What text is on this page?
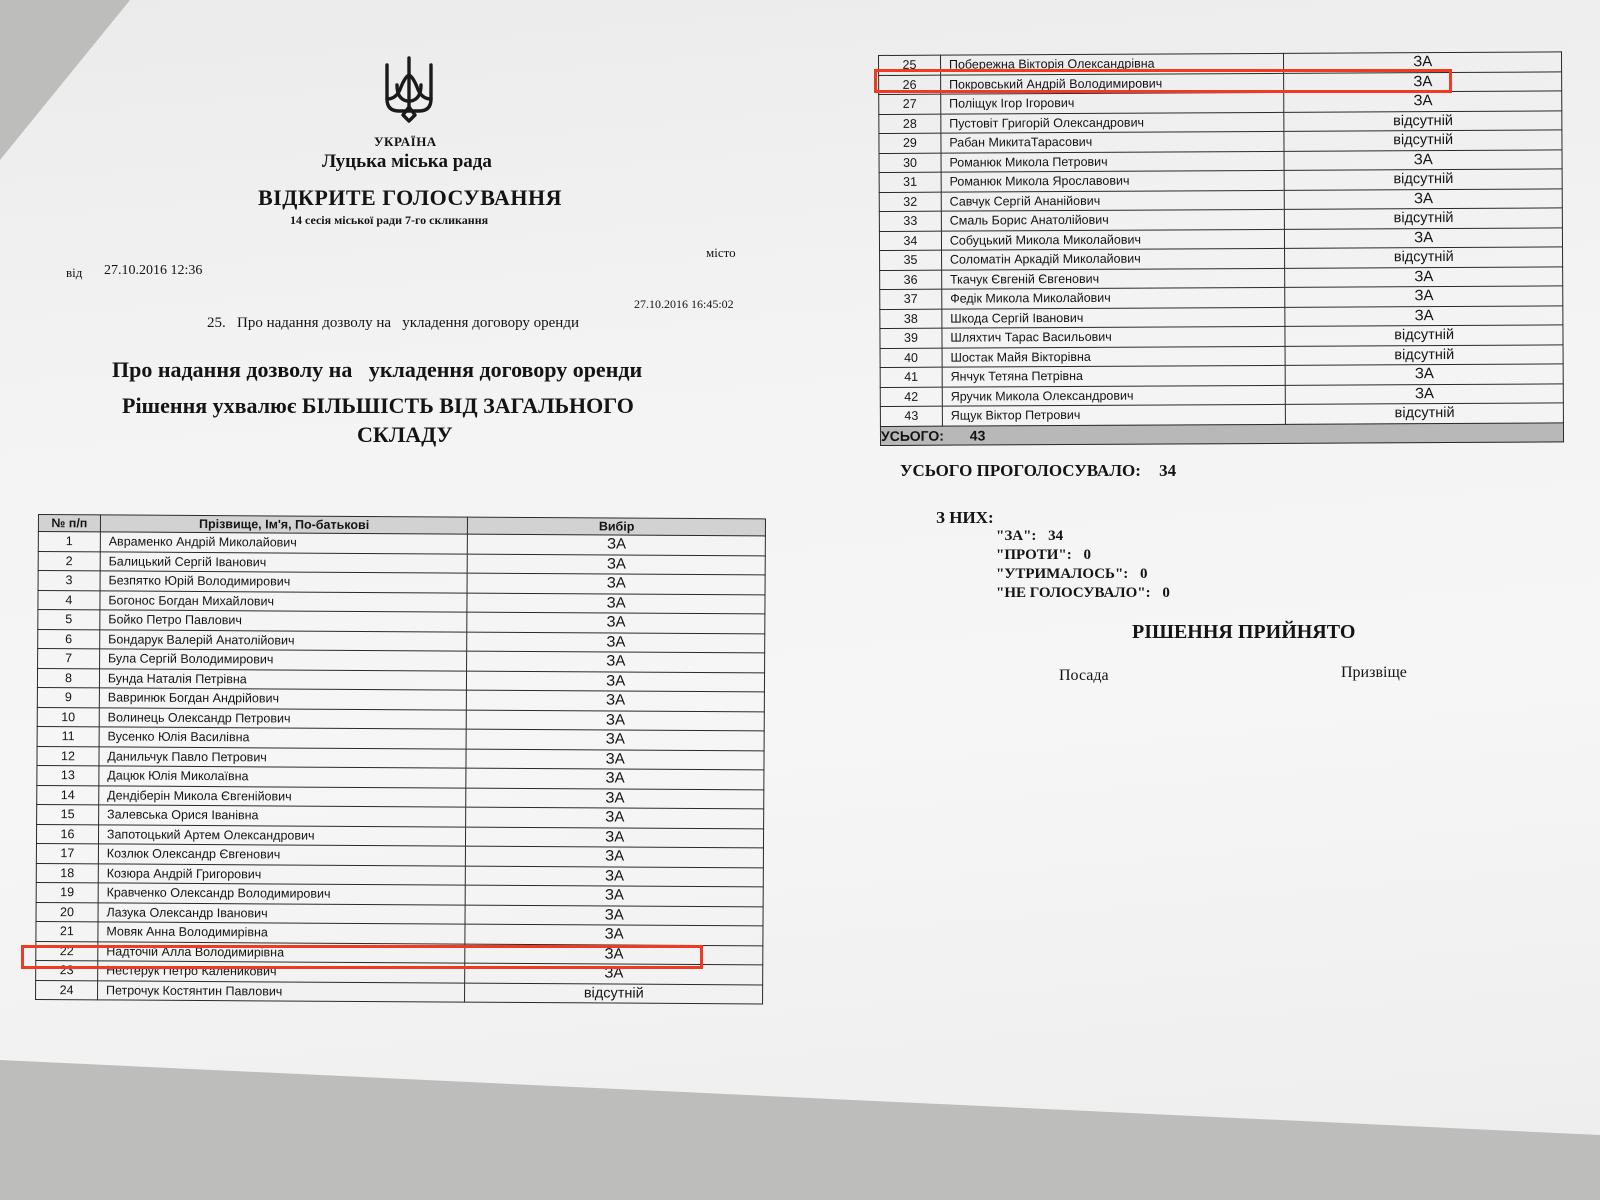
УКРАЇНА
Луцька міська рада
ВІДКРИТЕ ГОЛОСУВАННЯ
14 сесія міської ради 7-го скликання
місто
від 27.10.2016 12:36
27.10.2016 16:45:02
25.   Про надання дозволу на   укладення договору оренди
Про надання дозволу на   укладення договору оренди
Рішення ухвалює БІЛЬШІСТЬ ВІД ЗАГАЛЬНОГО
СКЛАДУ
№ п/п	Прізвище, Ім'я, По-батькові	Вибір
1	Авраменко Андрій Миколайович	ЗА
2	Балицький Сергій Іванович	ЗА
3	Безпятко Юрій Володимирович	ЗА
4	Богонос Богдан Михайлович	ЗА
5	Бойко Петро Павлович	ЗА
6	Бондарук Валерій Анатолійович	ЗА
7	Була Сергій Володимирович	ЗА
8	Бунда Наталія Петрівна	ЗА
9	Вавринюк Богдан Андрійович	ЗА
10	Волинець Олександр Петрович	ЗА
11	Вусенко Юлія Василівна	ЗА
12	Данильчук Павло Петрович	ЗА
13	Дацюк Юлія Миколаївна	ЗА
14	Дендіберін Микола Євгенійович	ЗА
15	Залевська Орися Іванівна	ЗА
16	Запотоцький Артем Олександрович	ЗА
17	Козлюк Олександр Євгенович	ЗА
18	Козюра Андрій Григорович	ЗА
19	Кравченко Олександр Володимирович	ЗА
20	Лазука Олександр Іванович	ЗА
21	Мовяк Анна Володимирівна	ЗА
22	Надточій Алла Володимирівна	ЗА
23	Нестерук Петро Каленикович	ЗА
24	Петрочук Костянтин Павлович	відсутній
25	Побережна Вікторія Олександрівна	ЗА
26	Покровський Андрій Володимирович	ЗА
27	Поліщук Ігор Ігорович	ЗА
28	Пустовіт Григорій Олександрович	відсутній
29	Рабан МикитаТарасович	відсутній
30	Романюк Микола Петрович	ЗА
31	Романюк Микола Ярославович	відсутній
32	Савчук Сергій Ананійович	ЗА
33	Смаль Борис Анатолійович	відсутній
34	Собуцький Микола Миколайович	ЗА
35	Соломатін Аркадій Миколайович	відсутній
36	Ткачук Євгеній Євгенович	ЗА
37	Федік Микола Миколайович	ЗА
38	Шкода Сергій Іванович	ЗА
39	Шляхтич Тарас Васильович	відсутній
40	Шостак Майя Вікторівна	відсутній
41	Янчук Тетяна Петрівна	ЗА
42	Яручик Микола Олександрович	ЗА
43	Ящук Віктор Петрович	відсутній
УСЬОГО: 43		
УСЬОГО ПРОГОЛОСУВАЛО: 34
З НИХ:
"ЗА": 34
"ПРОТИ": 0
"УТРИМАЛОСЬ": 0
"НЕ ГОЛОСУВАЛО": 0
РІШЕННЯ ПРИЙНЯТО
Посада	Призвіще
